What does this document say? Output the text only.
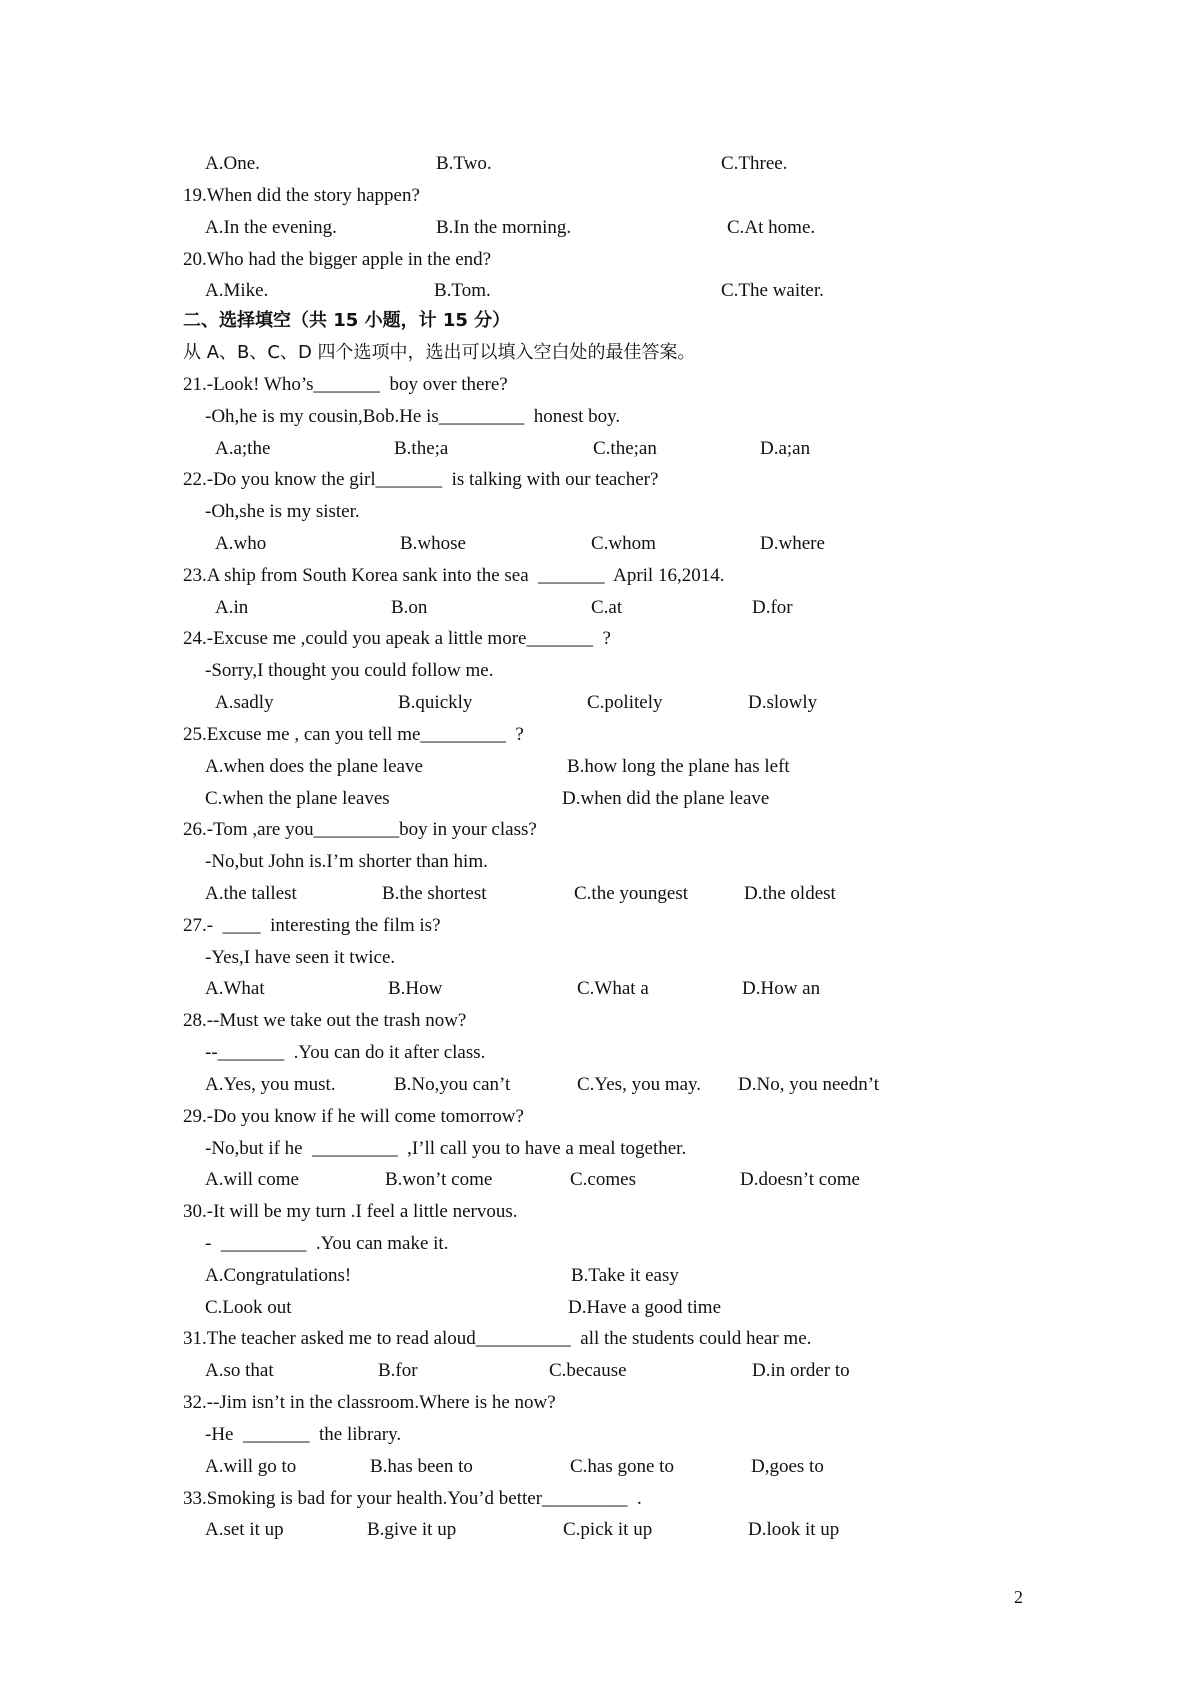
A.One.	B.Two.	C.Three.
19.When did the story happen?
A.In the evening.	B.In the morning.	C.At home.
20.Who had the bigger apple in the end?
A.Mike.	B.Tom.	C.The waiter.
二、选择填空（共 15 小题，计 15 分）
从 A、B、C、D 四个选项中，选出可以填入空白处的最佳答案。
21.-Look! Who’s_______  boy over there?
-Oh,he is my cousin,Bob.He is_________  honest boy.
A.a;the	B.the;a	C.the;an	D.a;an
22.-Do you know the girl_______  is talking with our teacher?
-Oh,she is my sister.
A.who	B.whose	C.whom	D.where
23.A ship from South Korea sank into the sea  _______  April 16,2014.
A.in	B.on	C.at	D.for
24.-Excuse me ,could you apeak a little more_______  ?
-Sorry,I thought you could follow me.
A.sadly	B.quickly	C.politely	D.slowly
25.Excuse me , can you tell me_________  ?
A.when does the plane leave	B.how long the plane has left
C.when the plane leaves	D.when did the plane leave
26.-Tom ,are you_________boy in your class?
-No,but John is.I’m shorter than him.
A.the tallest	B.the shortest	C.the youngest	D.the oldest
27.-  ____  interesting the film is?
-Yes,I have seen it twice.
A.What	B.How	C.What a	D.How an
28.--Must we take out the trash now?
--_______  .You can do it after class.
A.Yes, you must.	B.No,you can’t	C.Yes, you may. D.No, you needn’t
29.-Do you know if he will come tomorrow?
-No,but if he  _________  ,I’ll call you to have a meal together.
A.will come	B.won’t come	C.comes	D.doesn’t come
30.-It will be my turn .I feel a little nervous.
-  _________  .You can make it.
A.Congratulations!	B.Take it easy
C.Look out	D.Have a good time
31.The teacher asked me to read aloud__________  all the students could hear me.
A.so that	B.for	C.because	D.in order to
32.--Jim isn’t in the classroom.Where is he now?
-He  _______  the library.
A.will go to	B.has been to	C.has gone to	D,goes to
33.Smoking is bad for your health.You’d better_________  .
A.set it up	B.give it up	C.pick it up	D.look it up
2
